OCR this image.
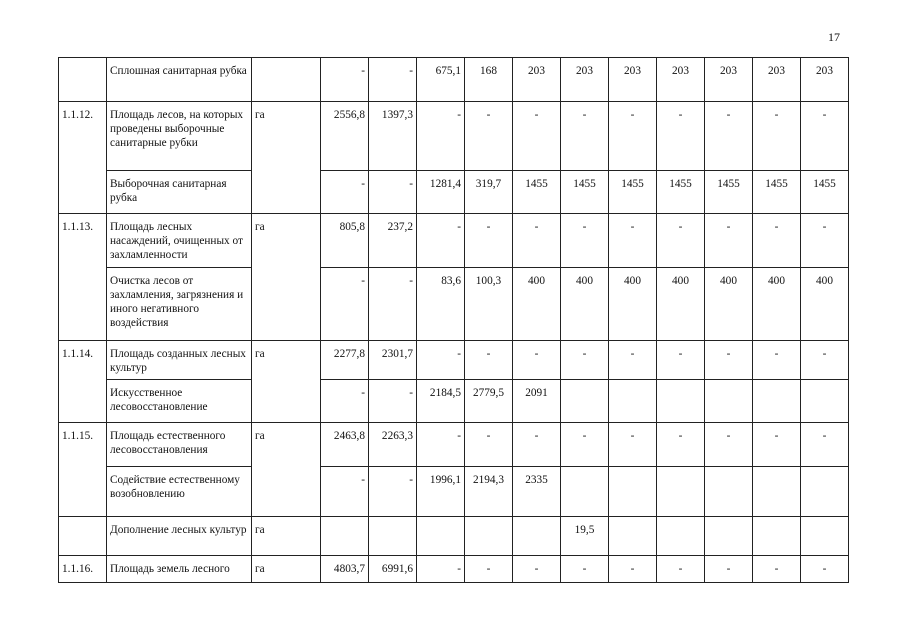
17
	Сплошная санитарная рубка		-	-	675,1	168	203	203	203	203	203	203	203
1.1.12.	Площадь лесов, на которых проведены выборочные санитарные рубки	га	2556,8	1397,3	-	-	-	-	-	-	-	-	-
	Выборочная санитарная рубка		-	-	1281,4	319,7	1455	1455	1455	1455	1455	1455	1455
1.1.13.	Площадь лесных насаждений, очищенных от захламленности	га	805,8	237,2	-	-	-	-	-	-	-	-	-
	Очистка лесов от захламления, загрязнения и иного негативного воздействия		-	-	83,6	100,3	400	400	400	400	400	400	400
1.1.14.	Площадь созданных лесных культур	га	2277,8	2301,7	-	-	-	-	-	-	-	-	-
	Искусственное лесовосстановление		-	-	2184,5	2779,5	2091						
1.1.15.	Площадь естественного лесовосстановления	га	2463,8	2263,3	-	-	-	-	-	-	-	-	-
	Содействие естественному возобновлению		-	-	1996,1	2194,3	2335						
	Дополнение лесных культур	га						19,5					
1.1.16.	Площадь земель лесного	га	4803,7	6991,6	-	-	-	-	-	-	-	-	-
